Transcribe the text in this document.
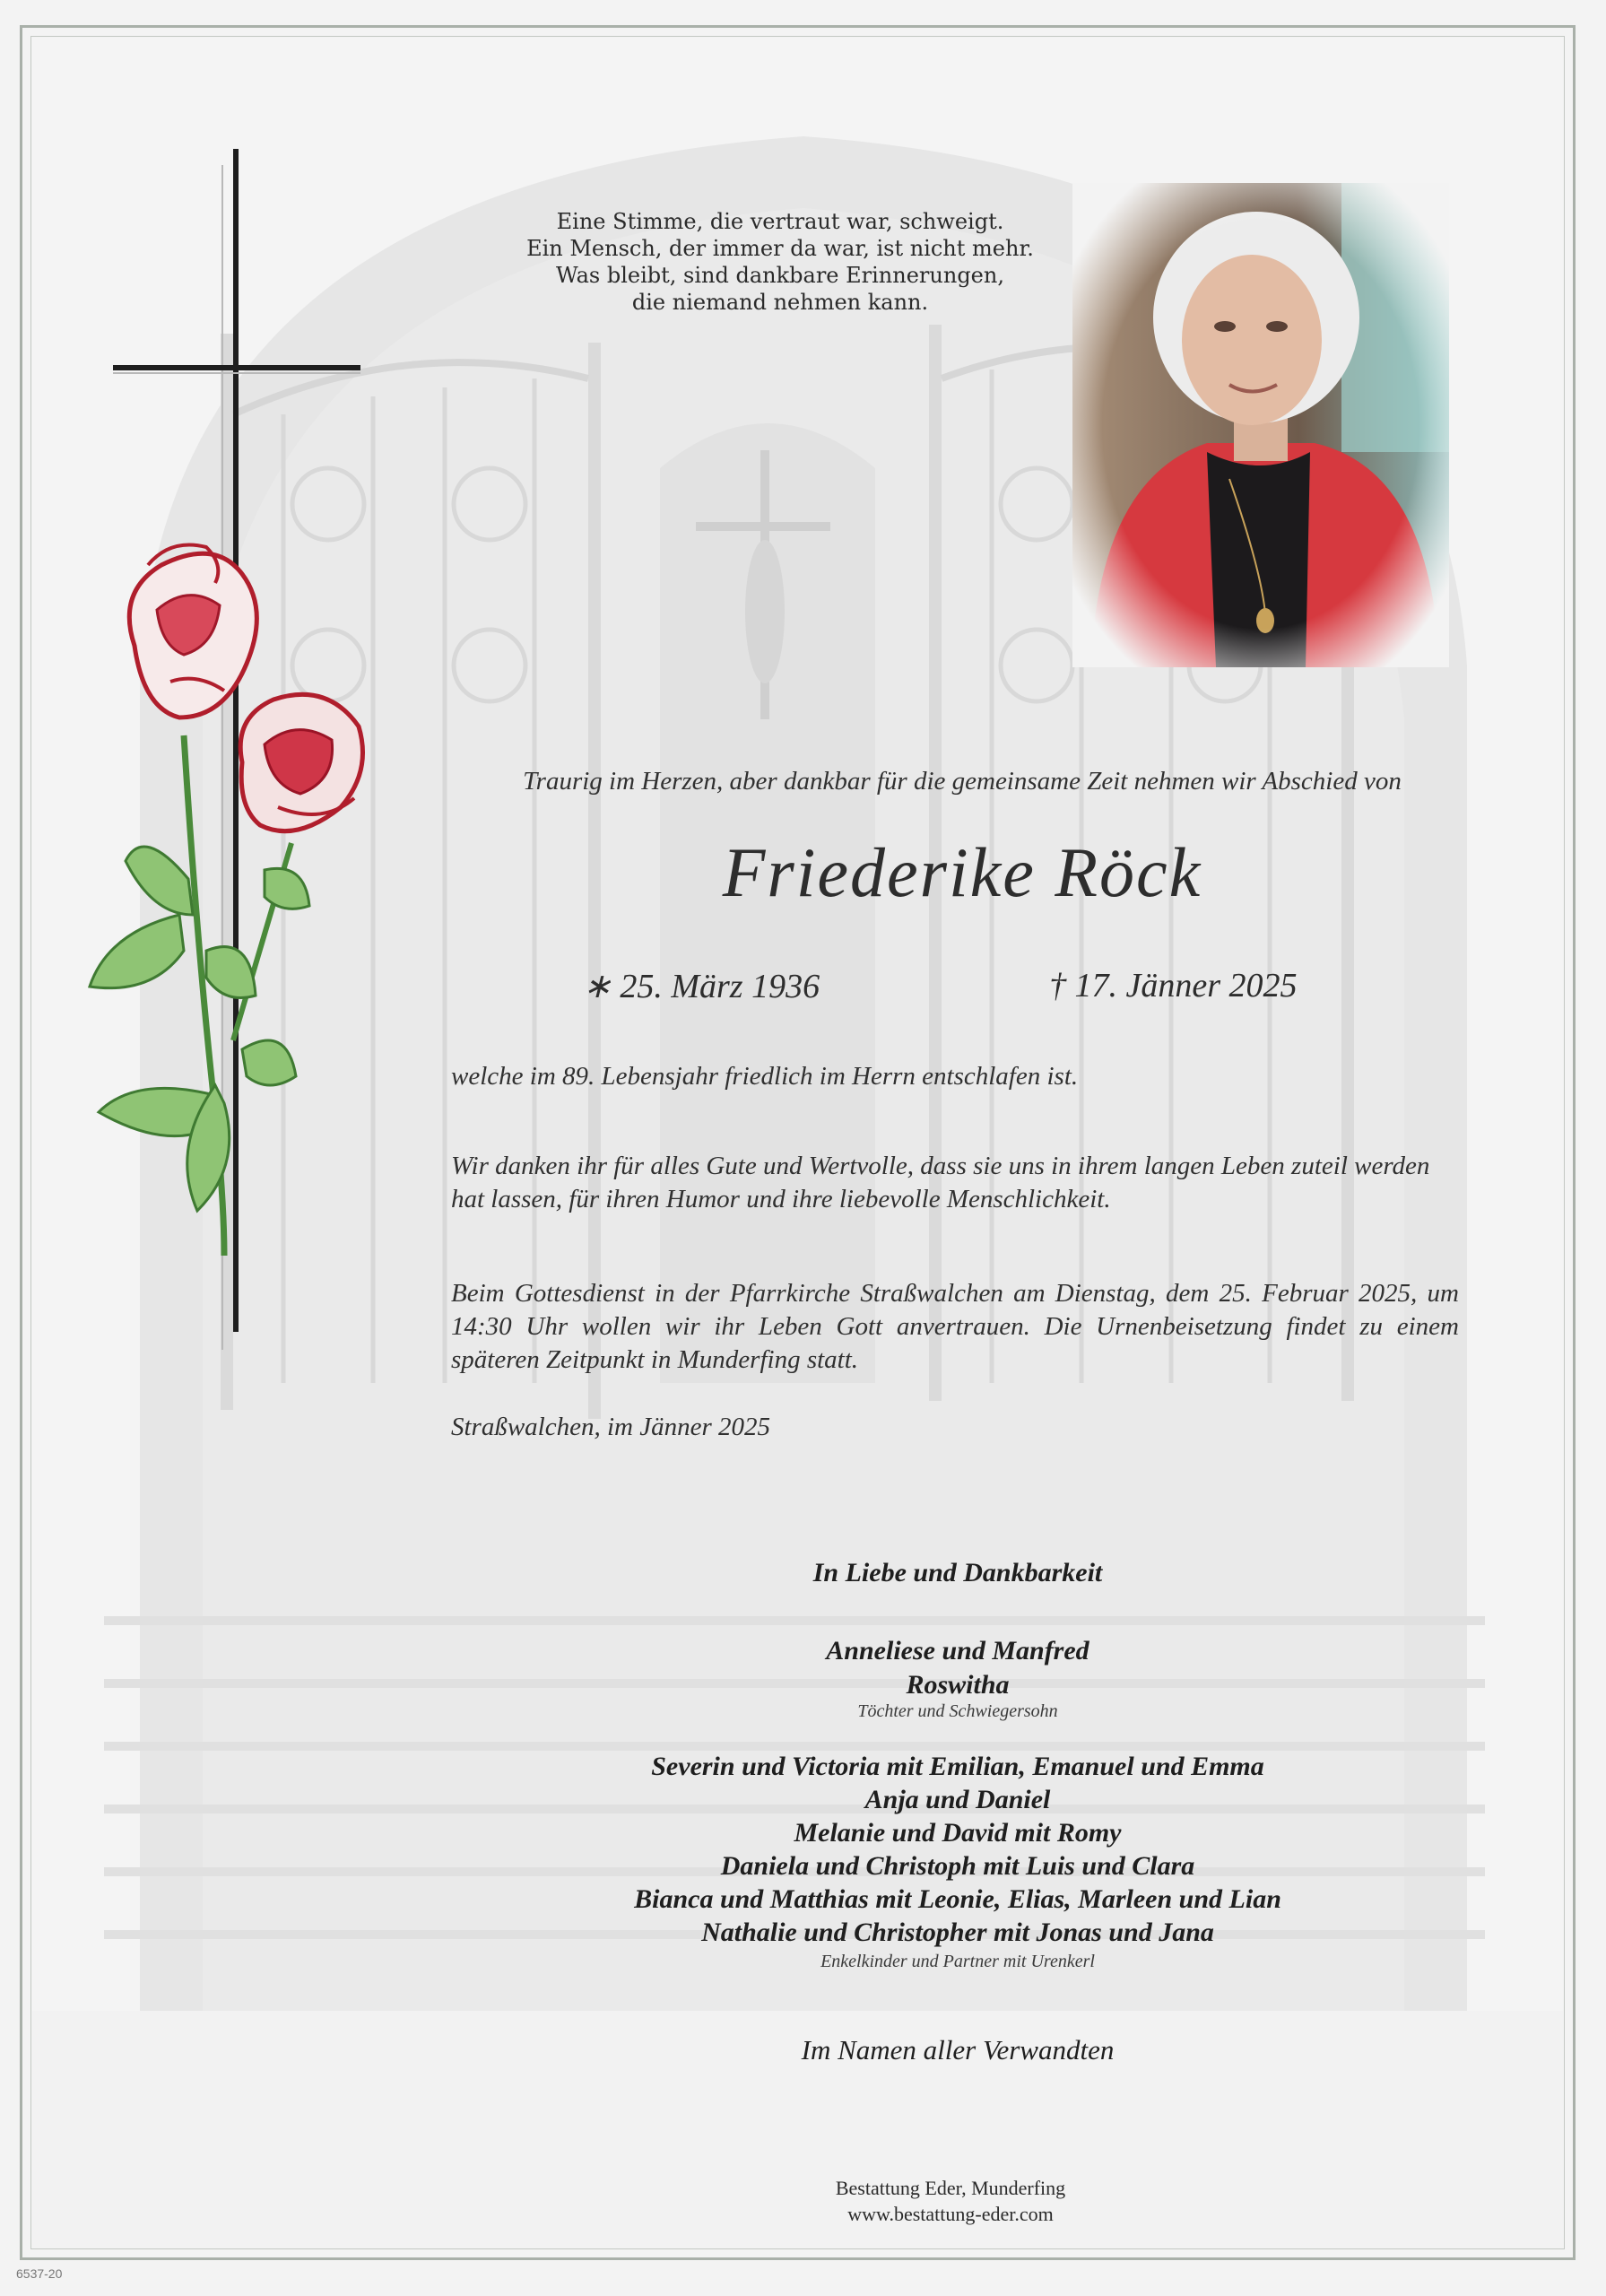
Eine Stimme, die vertraut war, schweigt.
Ein Mensch, der immer da war, ist nicht mehr.
Was bleibt, sind dankbare Erinnerungen,
die niemand nehmen kann.
Traurig im Herzen, aber dankbar für die gemeinsame Zeit nehmen wir Abschied von
Friederike Röck
∗ 25. März 1936	† 17. Jänner 2025
welche im 89. Lebensjahr friedlich im Herrn entschlafen ist.
Wir danken ihr für alles Gute und Wertvolle, dass sie uns in ihrem langen Leben zuteil werden hat lassen, für ihren Humor und ihre liebevolle Menschlichkeit.
Beim Gottesdienst in der Pfarrkirche Straßwalchen am Dienstag, dem 25. Februar 2025, um 14:30 Uhr wollen wir ihr Leben Gott anvertrauen. Die Urnenbeisetzung findet zu einem späteren Zeitpunkt in Munderfing statt.
Straßwalchen, im Jänner 2025
In Liebe und Dankbarkeit
Anneliese und Manfred
Roswitha
Töchter und Schwiegersohn
Severin und Victoria mit Emilian, Emanuel und Emma
Anja und Daniel
Melanie und David mit Romy
Daniela und Christoph mit Luis und Clara
Bianca und Matthias mit Leonie, Elias, Marleen und Lian
Nathalie und Christopher mit Jonas und Jana
Enkelkinder und Partner mit Urenkerl
Im Namen aller Verwandten
Bestattung Eder, Munderfing
www.bestattung-eder.com
6537-20
